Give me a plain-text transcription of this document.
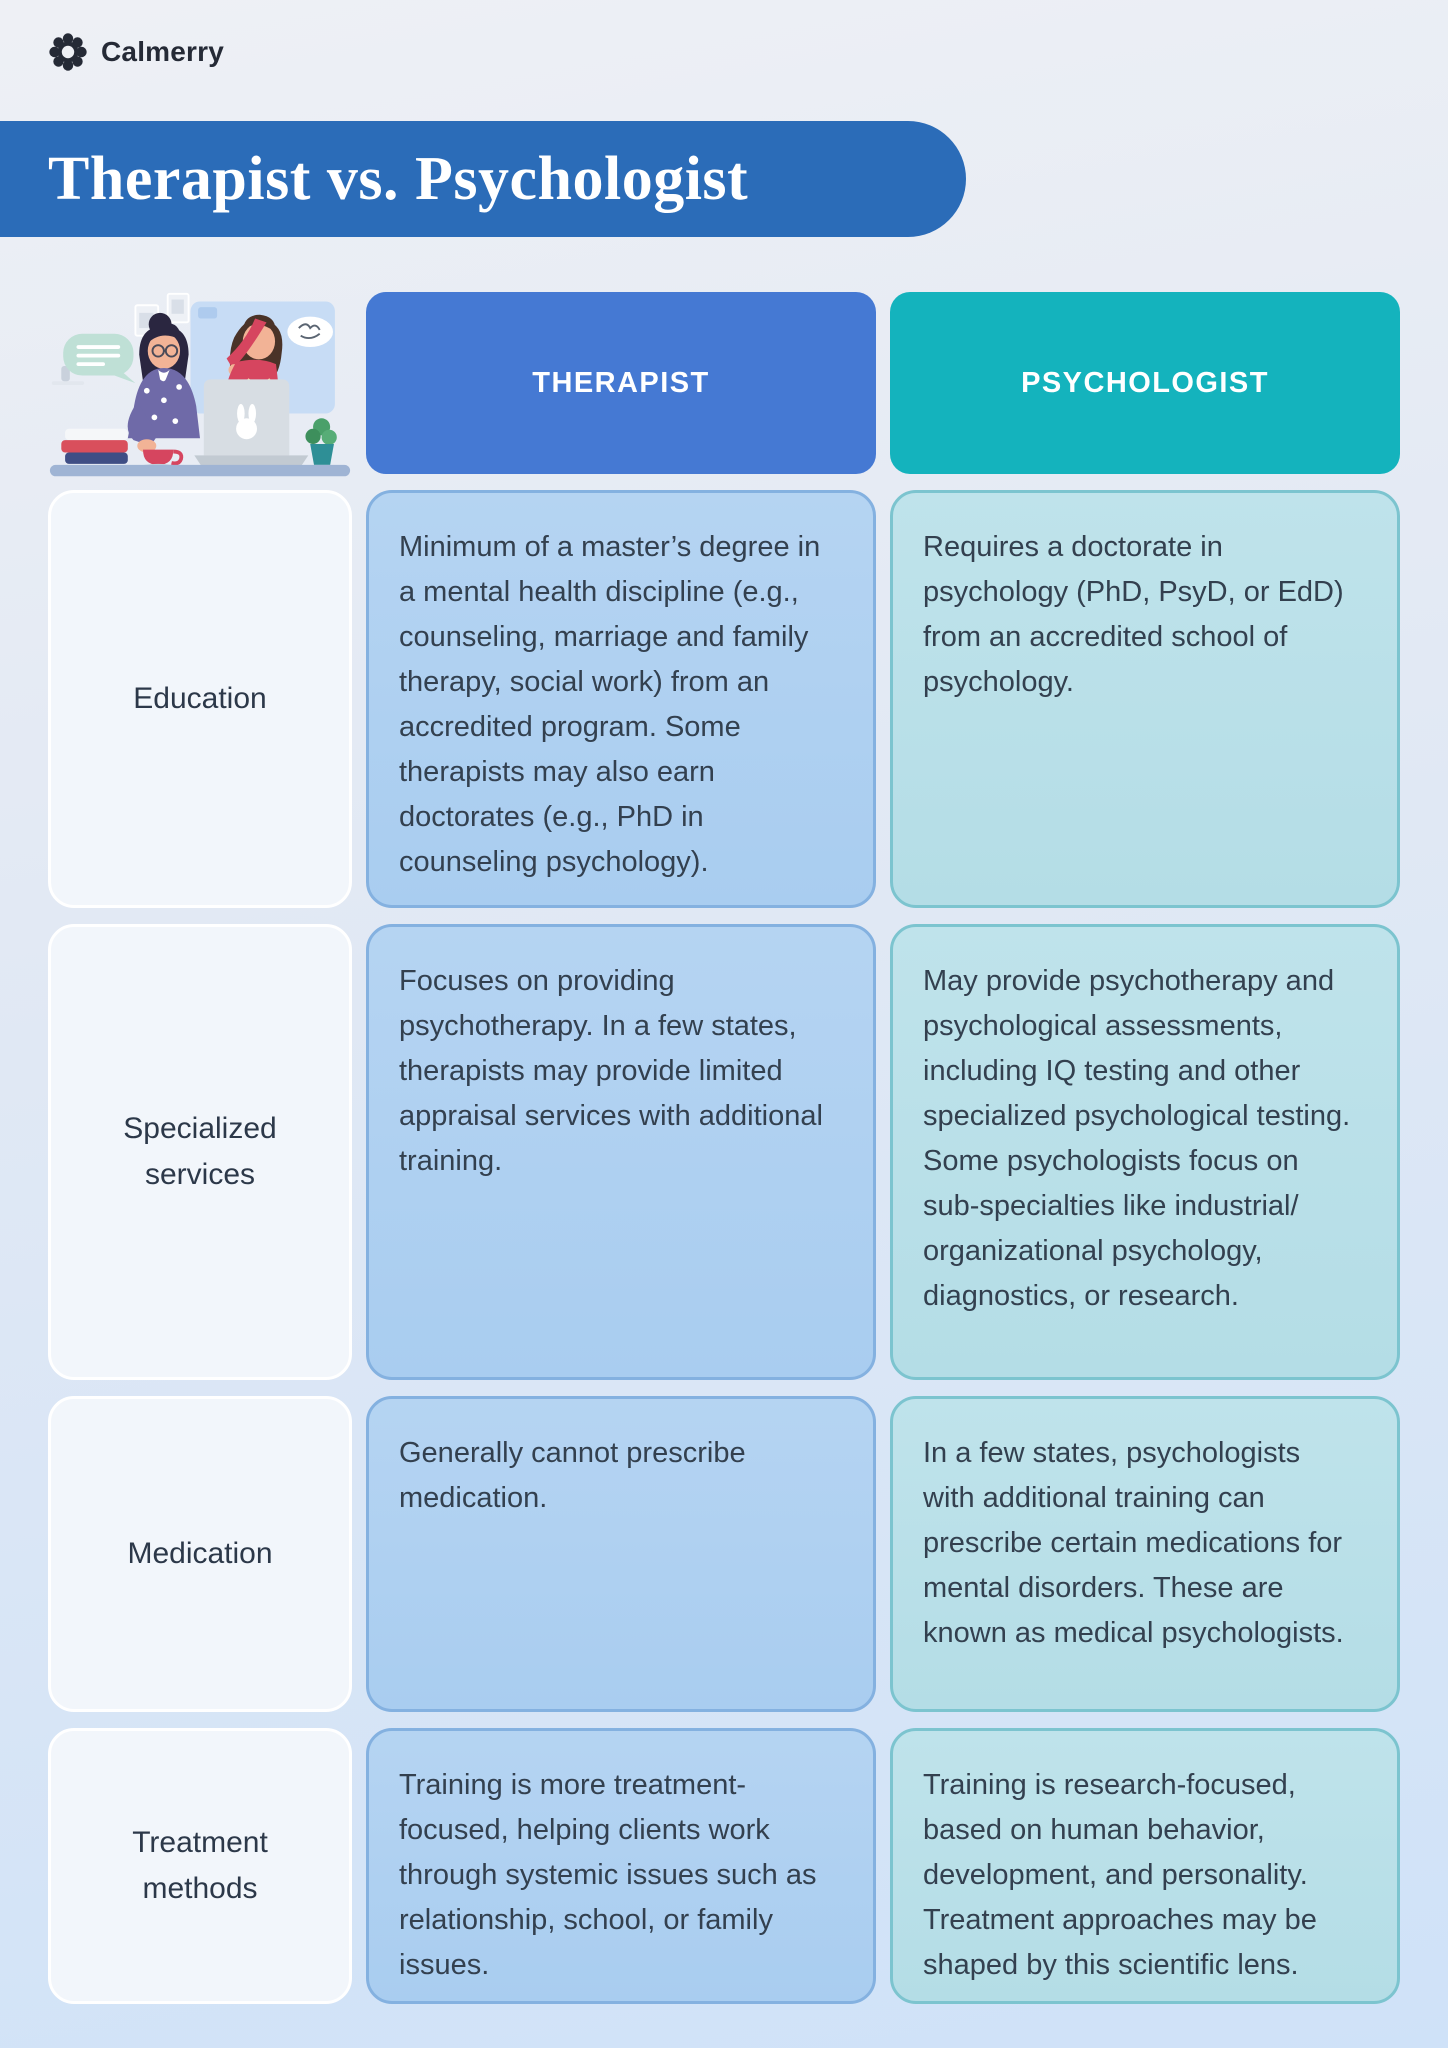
Calmerry
Therapist vs. Psychologist
THERAPIST	PSYCHOLOGIST
Education
Minimum of a master’s degree in a mental health discipline (e.g., counseling, marriage and family therapy, social work) from an accredited program. Some therapists may also earn doctorates (e.g., PhD in counseling psychology).
Requires a doctorate in psychology (PhD, PsyD, or EdD) from an accredited school of psychology.
Specialized services
Focuses on providing psychotherapy. In a few states, therapists may provide limited appraisal services with additional training.
May provide psychotherapy and psychological assessments, including IQ testing and other specialized psychological testing. Some psychologists focus on sub-specialties like industrial/ organizational psychology, diagnostics, or research.
Medication
Generally cannot prescribe medication.
In a few states, psychologists with additional training can prescribe certain medications for mental disorders. These are known as medical psychologists.
Treatment methods
Training is more treatment-focused, helping clients work through systemic issues such as relationship, school, or family issues.
Training is research-focused, based on human behavior, development, and personality. Treatment approaches may be shaped by this scientific lens.
